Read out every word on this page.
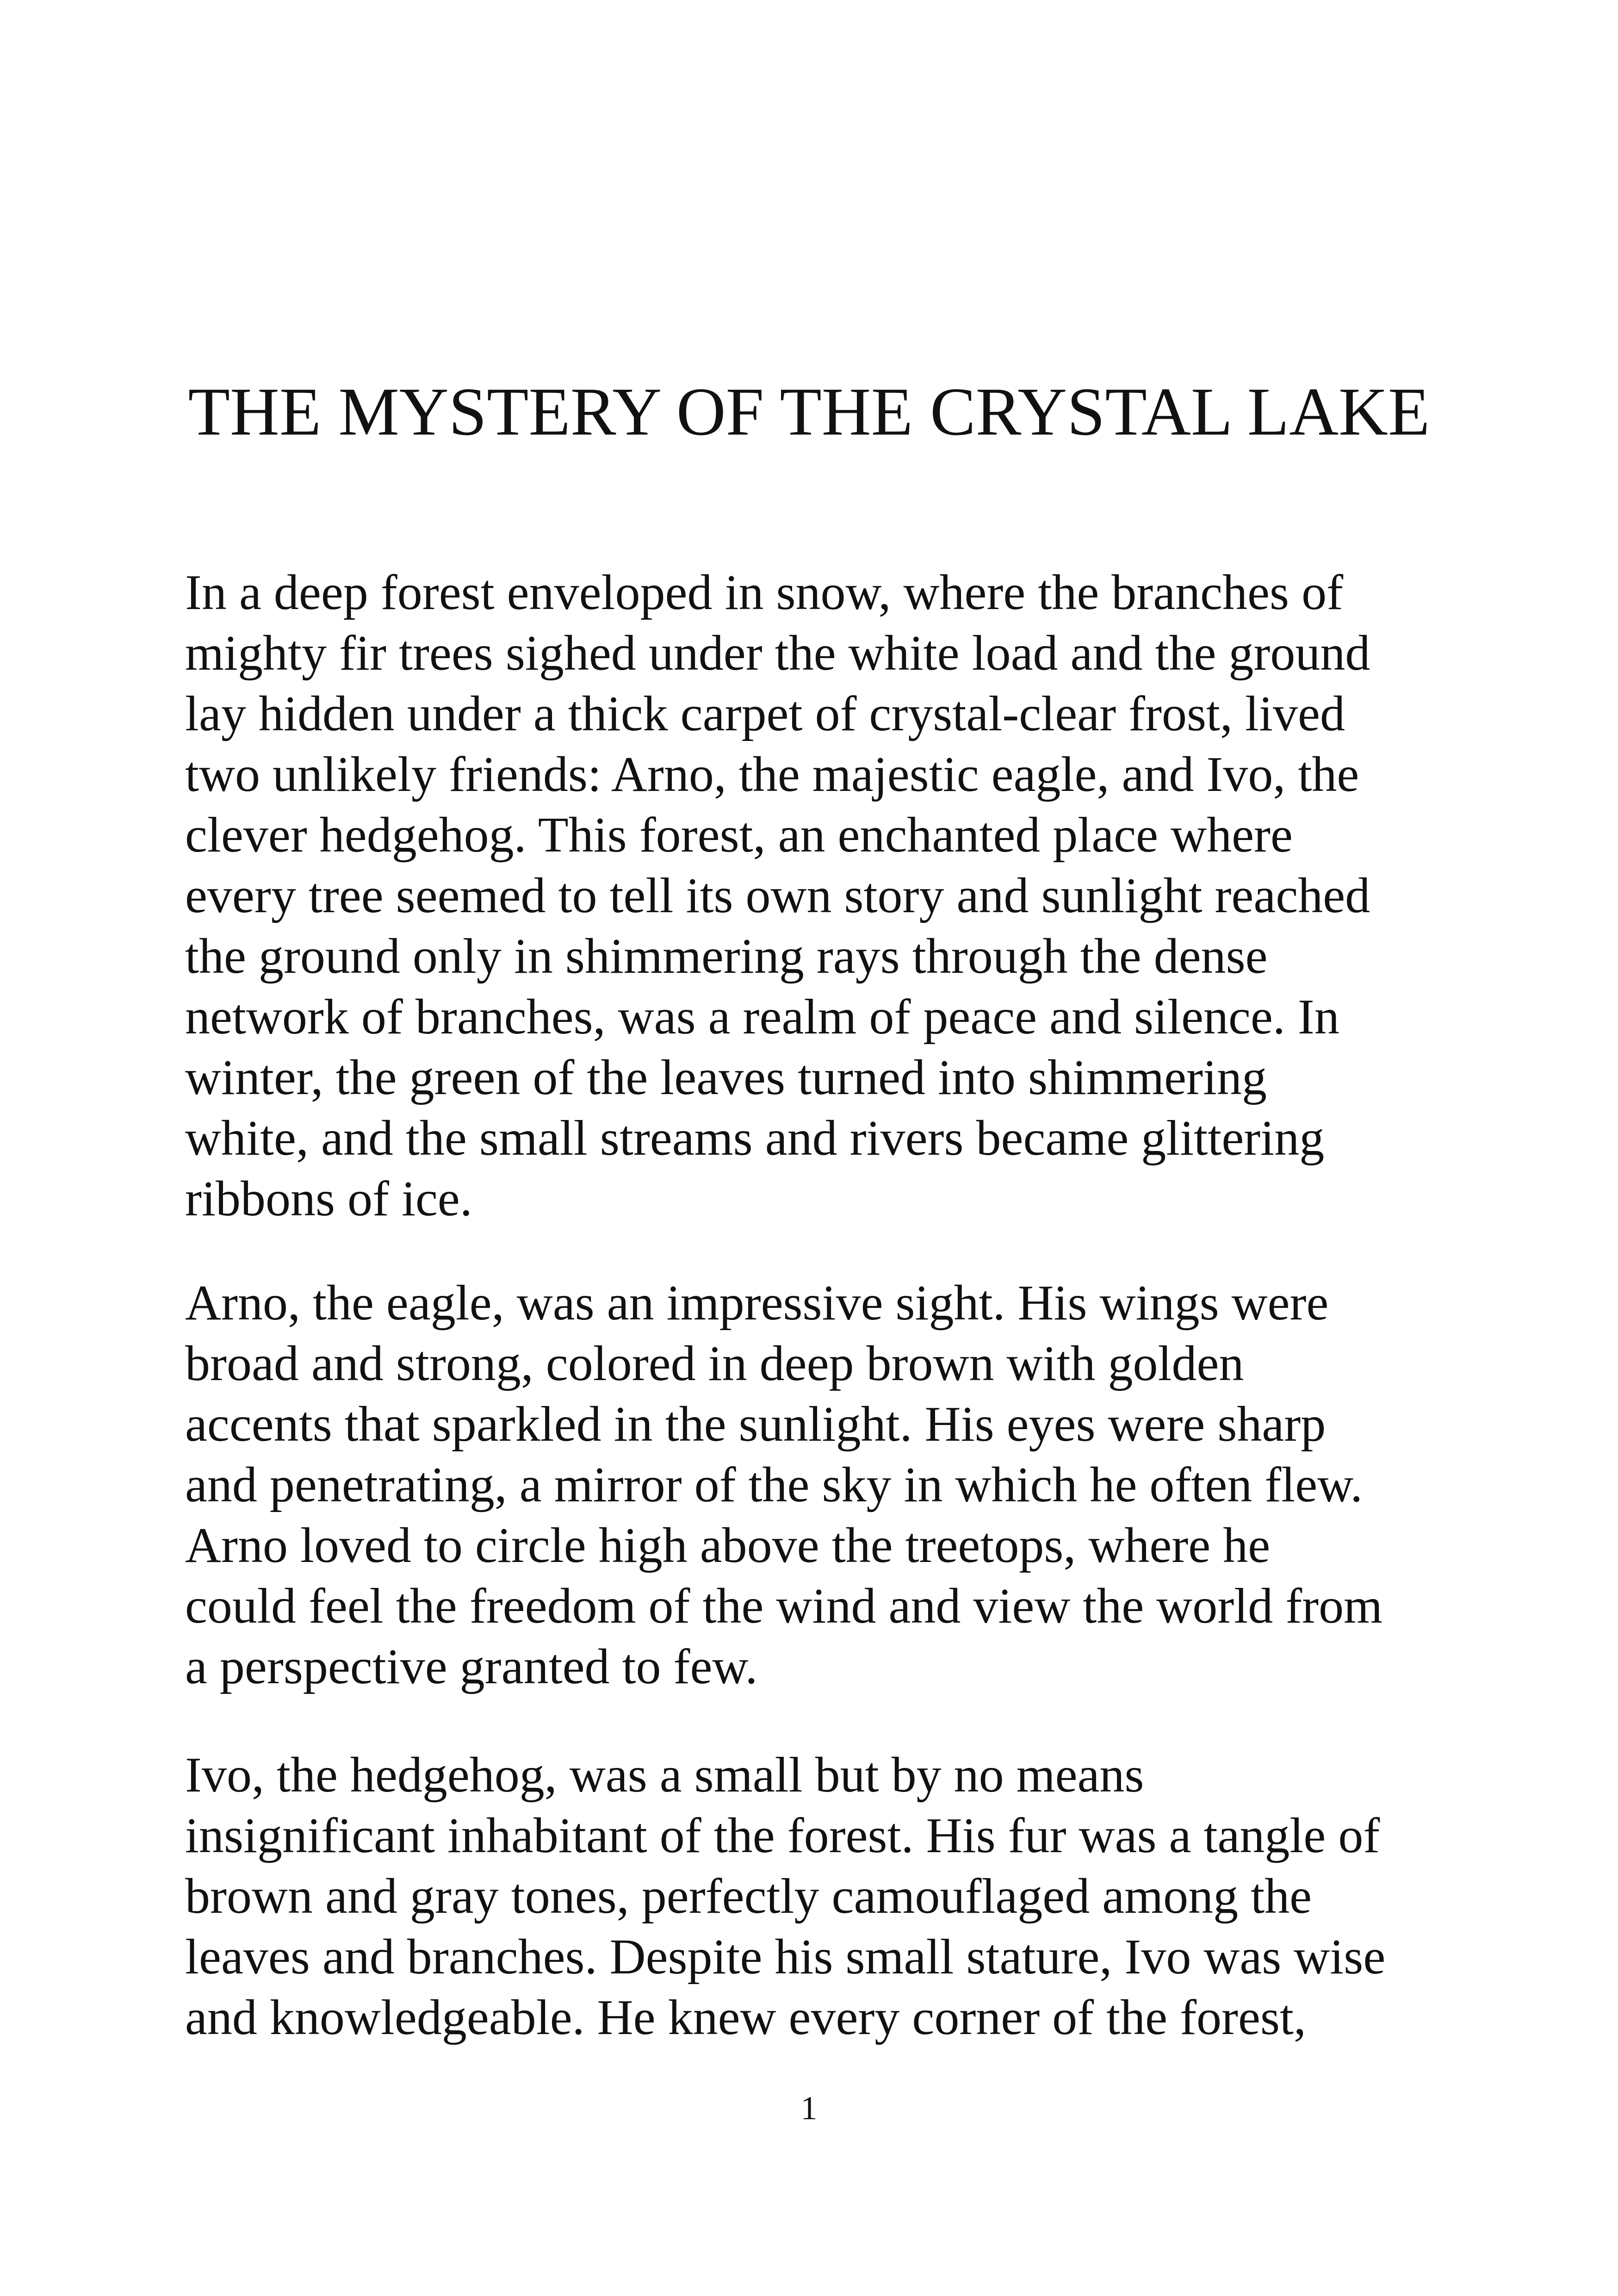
THE MYSTERY OF THE CRYSTAL LAKE

In a deep forest enveloped in snow, where the branches of
mighty fir trees sighed under the white load and the ground
lay hidden under a thick carpet of crystal-clear frost, lived
two unlikely friends: Arno, the majestic eagle, and Ivo, the
clever hedgehog. This forest, an enchanted place where
every tree seemed to tell its own story and sunlight reached
the ground only in shimmering rays through the dense
network of branches, was a realm of peace and silence. In
winter, the green of the leaves turned into shimmering
white, and the small streams and rivers became glittering
ribbons of ice.

Arno, the eagle, was an impressive sight. His wings were
broad and strong, colored in deep brown with golden
accents that sparkled in the sunlight. His eyes were sharp
and penetrating, a mirror of the sky in which he often flew.
Arno loved to circle high above the treetops, where he
could feel the freedom of the wind and view the world from
a perspective granted to few.

Ivo, the hedgehog, was a small but by no means
insignificant inhabitant of the forest. His fur was a tangle of
brown and gray tones, perfectly camouflaged among the
leaves and branches. Despite his small stature, Ivo was wise
and knowledgeable. He knew every corner of the forest,

1
